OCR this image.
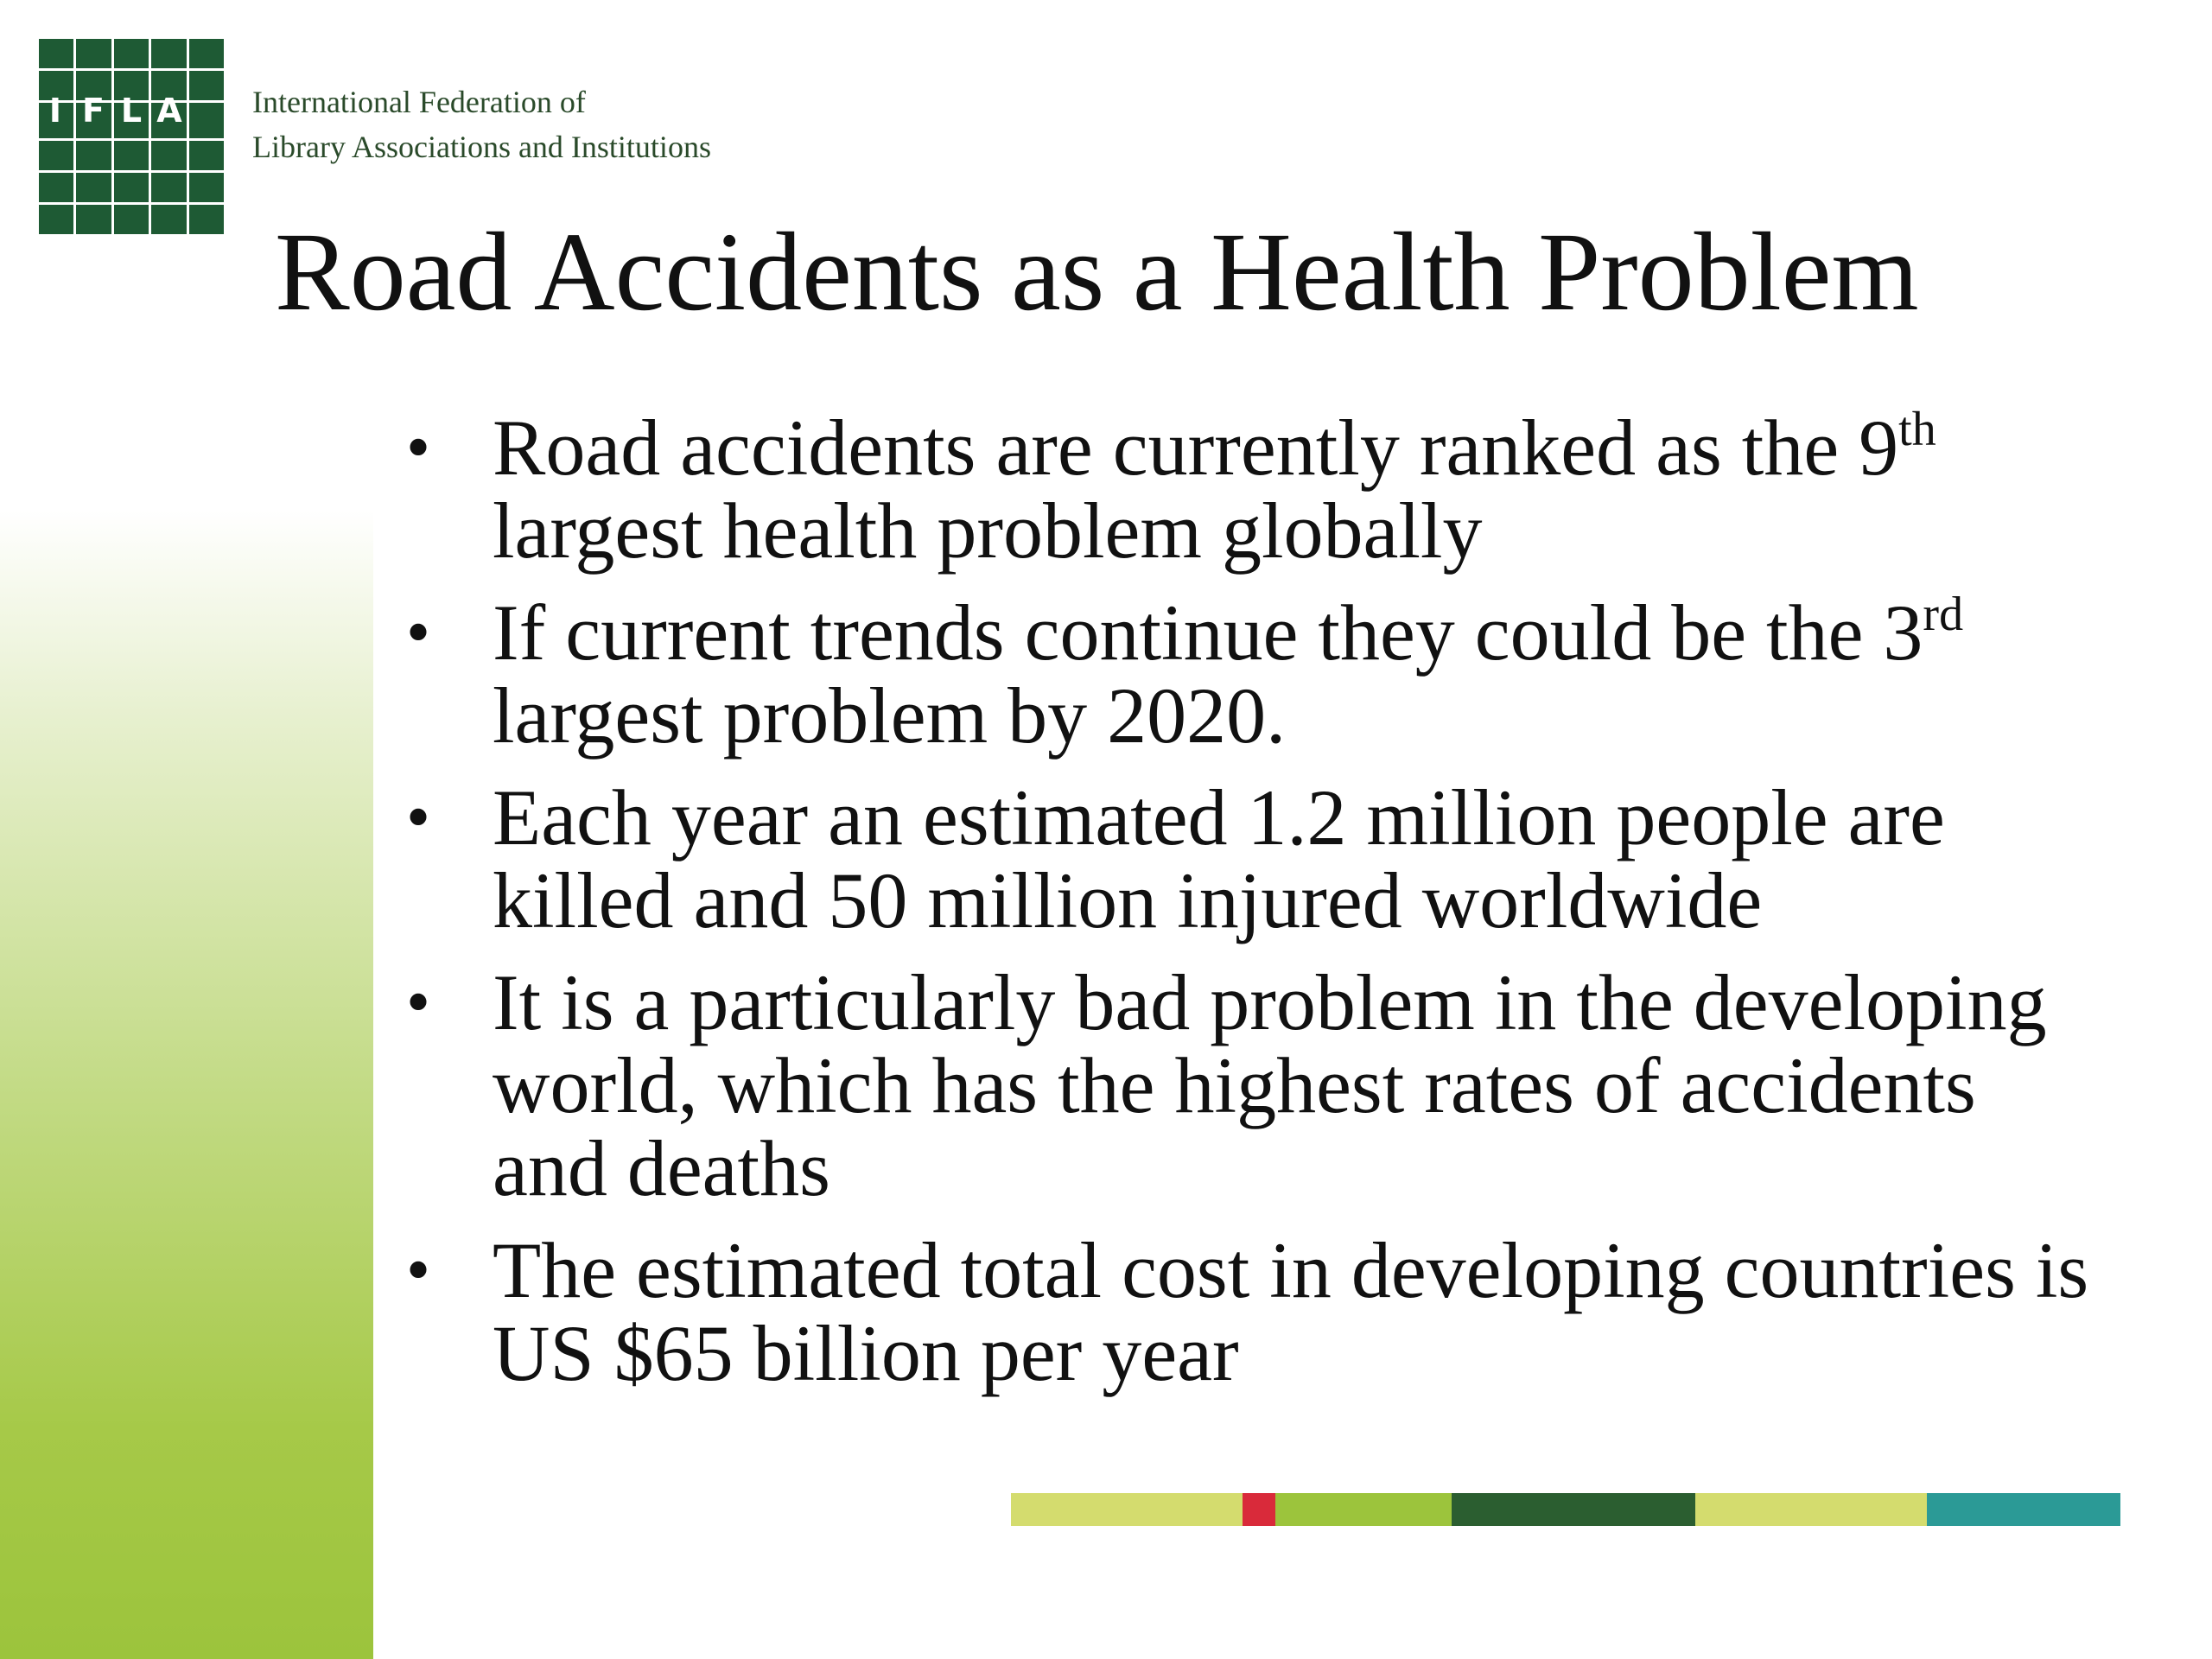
I F L A International Federation of
Library Associations and Institutions
Road Accidents as a Health Problem
• Road accidents are currently ranked as the 9th largest health problem globally
• If current trends continue they could be the 3rd largest problem by 2020.
• Each year an estimated 1.2 million people are killed and 50 million injured worldwide
• It is a particularly bad problem in the developing world, which has the highest rates of accidents and deaths
• The estimated total cost in developing countries is US $65 billion per year
